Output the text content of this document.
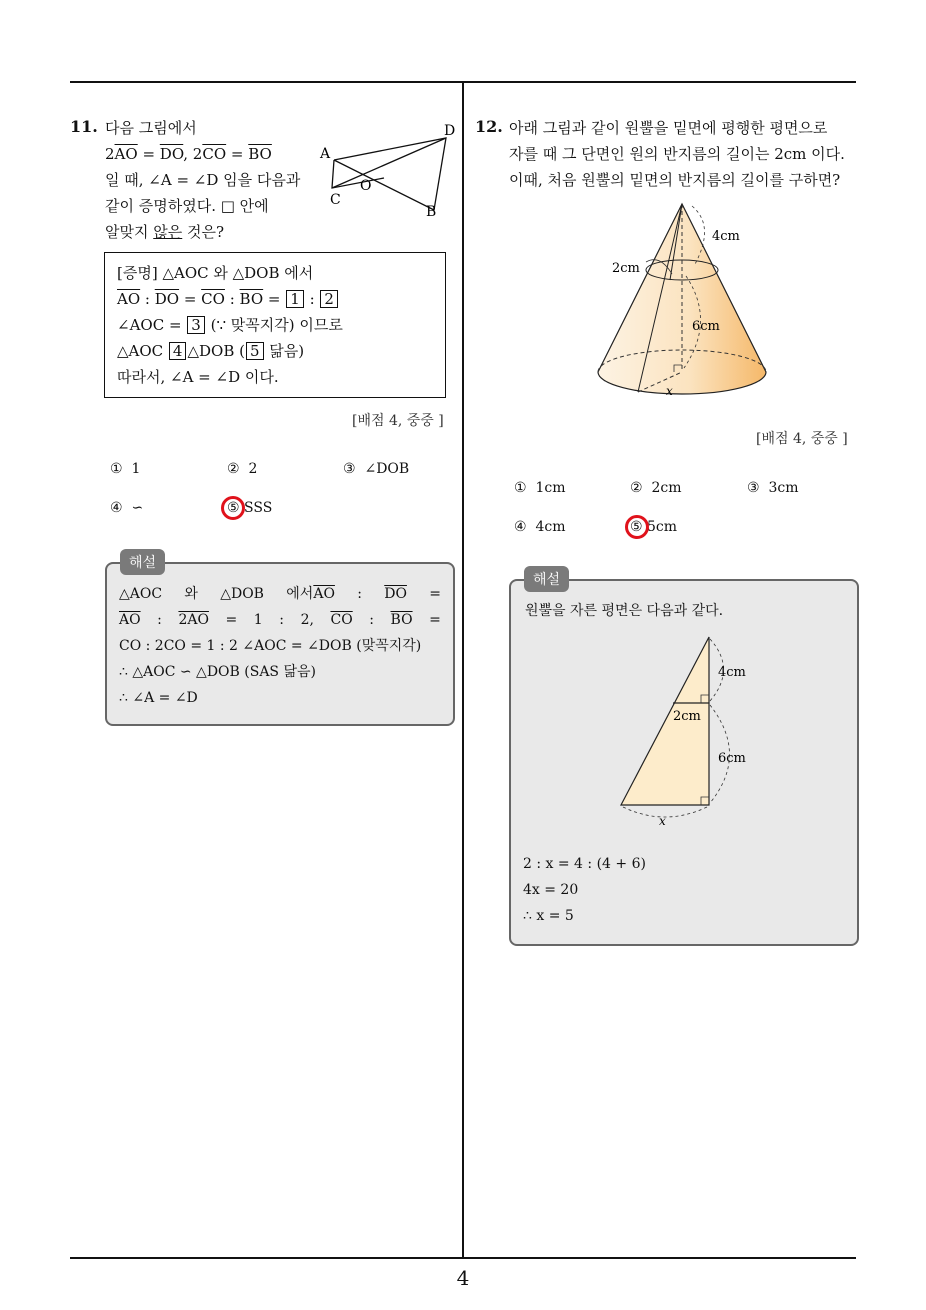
11. 다음 그림에서
$2\overline{AO} = \overline{DO}$, $2\overline{CO} = \overline{BO}$
일 때, ∠A = ∠D 임을 다음과
같이 증명하였다. □ 안에
알맞지 않은 것은?
A
D
O
C
B
[증명] △AOC 와 △DOB 에서
$\overline{AO}$ : $\overline{DO} = \overline{CO}$ : $\overline{BO} = 1$ : 2
∠AOC = 3 (∵ 맞꼭지각) 이므로
△AOC 4 △DOB ( 5 닮음)
따라서, ∠A = ∠D 이다.
[배점 4, 중중 ]
① 1	② 2	③ ∠DOB
④ ∽	⑤ SSS
△AOC 와 △DOB 에서$\overline{AO}$ : $\overline{DO}$ =
$\overline{AO}$ : 2AO = 1 : 2, $\overline{CO}$ : $\overline{BO}$ =
CO : 2CO = 1 : 2 ∠AOC = ∠DOB (맞꼭지각)
∴ △AOC ∽ △DOB (SAS 닮음)
∴ ∠A = ∠D
해설
12. 아래 그림과 같이 원뿔을 밑면에 평행한 평면으로
자를 때 그 단면인 원의 반지름의 길이는 2cm 이다.
이때, 처음 원뿔의 밑면의 반지름의 길이를 구하면?
4cm
2cm
6cm
x
[배점 4, 중중 ]
① 1cm	② 2cm	③ 3cm
④ 4cm	⑤ 5cm
원뿔을 자른 평면은 다음과 같다.
4cm
2cm
6cm
x
2 : x = 4 : (4 + 6)
4x = 20
∴ x = 5
해설
4
